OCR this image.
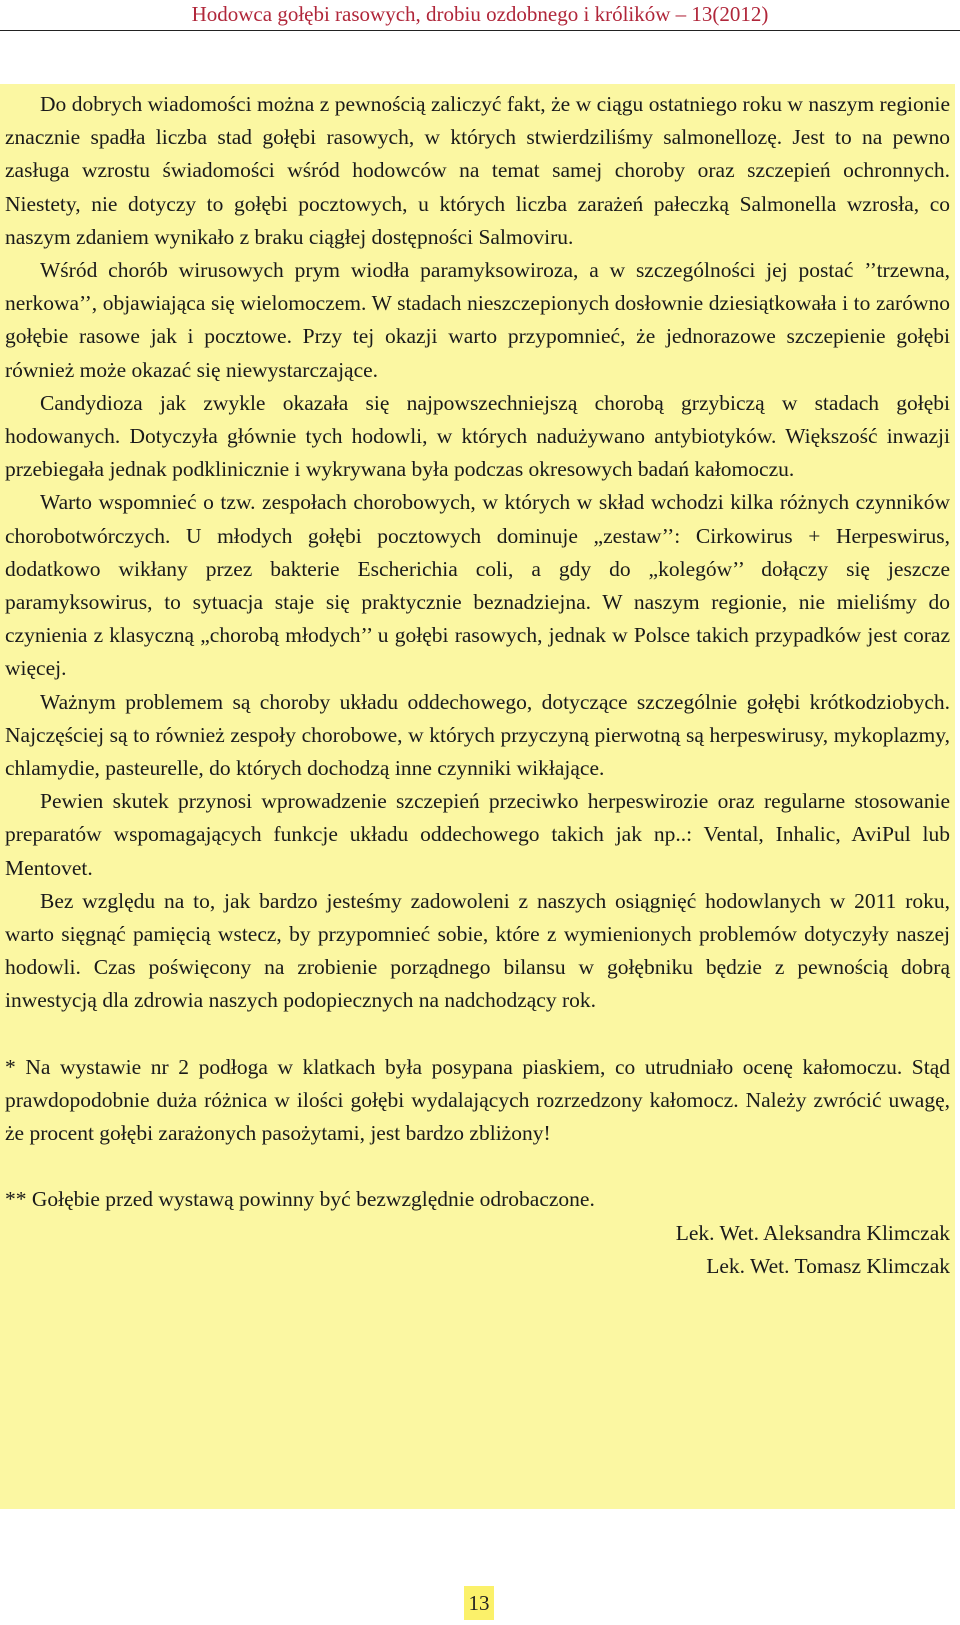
Hodowca gołębi rasowych, drobiu ozdobnego i królików – 13(2012)

Do dobrych wiadomości można z pewnością zaliczyć fakt, że w ciągu ostatniego roku w naszym regionie znacznie spadła liczba stad gołębi rasowych, w których stwierdziliśmy salmonellozę. Jest to na pewno zasługa wzrostu świadomości wśród hodowców na temat samej choroby oraz szczepień ochronnych. Niestety, nie dotyczy to gołębi pocztowych, u których liczba zarażeń pałeczką Salmonella wzrosła, co naszym zdaniem wynikało z braku ciągłej dostępności Salmoviru.

Wśród chorób wirusowych prym wiodła paramyksowiroza, a w szczególności jej postać ’’trzewna, nerkowa’’, objawiająca się wielomoczem. W stadach nieszczepionych dosłownie dziesiątkowała i to zarówno gołębie rasowe jak i pocztowe. Przy tej okazji warto przypomnieć, że jednorazowe szczepienie gołębi również może okazać się niewystarczające.

Candydioza jak zwykle okazała się najpowszechniejszą chorobą grzybiczą w stadach gołębi hodowanych. Dotyczyła głównie tych hodowli, w których nadużywano antybiotyków. Większość inwazji przebiegała jednak podklinicznie i wykrywana była podczas okresowych badań kałomoczu.

Warto wspomnieć o tzw. zespołach chorobowych, w których w skład wchodzi kilka różnych czynników chorobotwórczych. U młodych gołębi pocztowych dominuje „zestaw’’: Cirkowirus + Herpeswirus, dodatkowo wikłany przez bakterie Escherichia coli, a gdy do „kolegów’’ dołączy się jeszcze paramyksowirus, to sytuacja staje się praktycznie beznadziejna. W naszym regionie, nie mieliśmy do czynienia z klasyczną „chorobą młodych’’ u gołębi rasowych, jednak w Polsce takich przypadków jest coraz więcej.

Ważnym problemem są choroby układu oddechowego, dotyczące szczególnie gołębi krótkodziobych. Najczęściej są to również zespoły chorobowe, w których przyczyną pierwotną są herpeswirusy, mykoplazmy, chlamydie, pasteurelle, do których dochodzą inne czynniki wikłające.

Pewien skutek przynosi wprowadzenie szczepień przeciwko herpeswirozie oraz regularne stosowanie preparatów wspomagających funkcje układu oddechowego takich jak np..: Vental, Inhalic, AviPul lub Mentovet.

Bez względu na to, jak bardzo jesteśmy zadowoleni z naszych osiągnięć hodowlanych w 2011 roku, warto sięgnąć pamięcią wstecz, by przypomnieć sobie, które z wymienionych problemów dotyczyły naszej hodowli. Czas poświęcony na zrobienie porządnego bilansu w gołębniku będzie z pewnością dobrą inwestycją dla zdrowia naszych podopiecznych na nadchodzący rok.

* Na wystawie nr 2 podłoga w klatkach była posypana piaskiem, co utrudniało ocenę kałomoczu. Stąd prawdopodobnie duża różnica w ilości gołębi wydalających rozrzedzony kałomocz. Należy zwrócić uwagę, że procent gołębi zarażonych pasożytami, jest bardzo zbliżony!

** Gołębie przed wystawą powinny być bezwzględnie odrobaczone.

Lek. Wet. Aleksandra Klimczak

Lek. Wet. Tomasz Klimczak

13
